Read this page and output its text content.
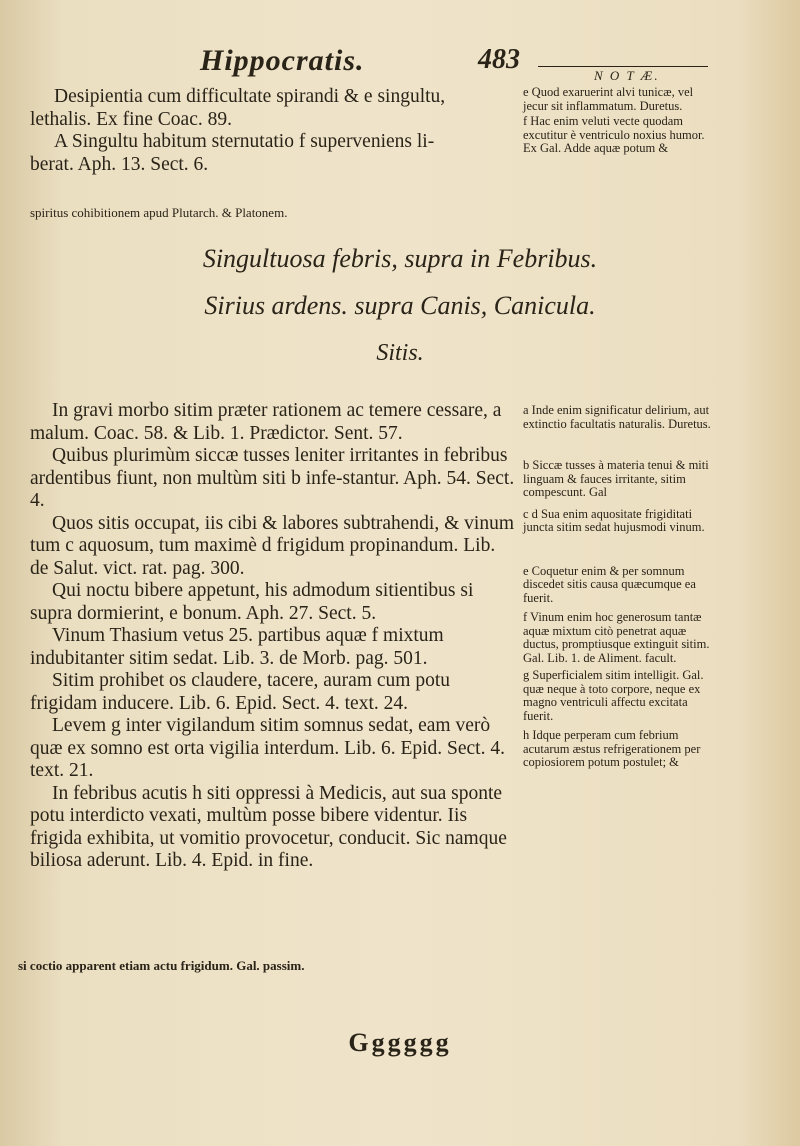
Hippocratis.	483
N O T Æ.

Desipientia cum difficultate spirandi & e singultu,

lethalis. Ex fine Coac. 89.

A Singultu habitum sternutatio f superveniens li-

berat. Aph. 13. Sect. 6.

spiritus cohibitionem apud Plutarch. & Platonem.

e Quod exaruerint alvi tunicæ, vel jecur sit inflammatum. Duretus.

f Hac enim veluti vecte quodam excutitur è ventriculo noxius humor. Ex Gal. Adde aquæ potum &

Singultuosa febris, supra in Febribus.
Sirius ardens. supra Canis, Canicula.
Sitis.

In gravi morbo sitim præter rationem ac temere cessare, a malum. Coac. 58. & Lib. 1. Prædictor. Sent. 57.

Quibus plurimùm siccæ tusses leniter irritantes in febribus ardentibus fiunt, non multùm siti b infe-stantur. Aph. 54. Sect. 4.

Quos sitis occupat, iis cibi & labores subtrahendi, & vinum tum c aquosum, tum maximè d frigidum propinandum. Lib. de Salut. vict. rat. pag. 300.

Qui noctu bibere appetunt, his admodum sitientibus si supra dormierint, e bonum. Aph. 27. Sect. 5.

Vinum Thasium vetus 25. partibus aquæ f mixtum indubitanter sitim sedat. Lib. 3. de Morb. pag. 501.

Sitim prohibet os claudere, tacere, auram cum potu frigidam inducere. Lib. 6. Epid. Sect. 4. text. 24.

Levem g inter vigilandum sitim somnus sedat, eam verò quæ ex somno est orta vigilia interdum. Lib. 6. Epid. Sect. 4. text. 21.

In febribus acutis h siti oppressi à Medicis, aut sua sponte potu interdicto vexati, multùm posse bibere videntur. Iis frigida exhibita, ut vomitio provocetur, conducit. Sic namque biliosa aderunt. Lib. 4. Epid. in fine.

a Inde enim significatur delirium, aut extinctio facultatis naturalis. Duretus.

b Siccæ tusses à materia tenui & miti linguam & fauces irritante, sitim compescunt. Gal

c d Sua enim aquositate frigiditati juncta sitim sedat hujusmodi vinum.

e Coquetur enim & per somnum discedet sitis causa quæcumque ea fuerit.

f Vinum enim hoc generosum tantæ aquæ mixtum citò penetrat aquæ ductus, promptiusque extinguit sitim. Gal. Lib. 1. de Aliment. facult.

g Superficialem sitim intelligit. Gal. quæ neque à toto corpore, neque ex magno ventriculi affectu excitata fuerit.

h Idque perperam cum febrium acutarum æstus refrigerationem per copiosiorem potum postulet; &

si coctio apparent etiam actu frigidum. Gal. passim.
Gggggg
